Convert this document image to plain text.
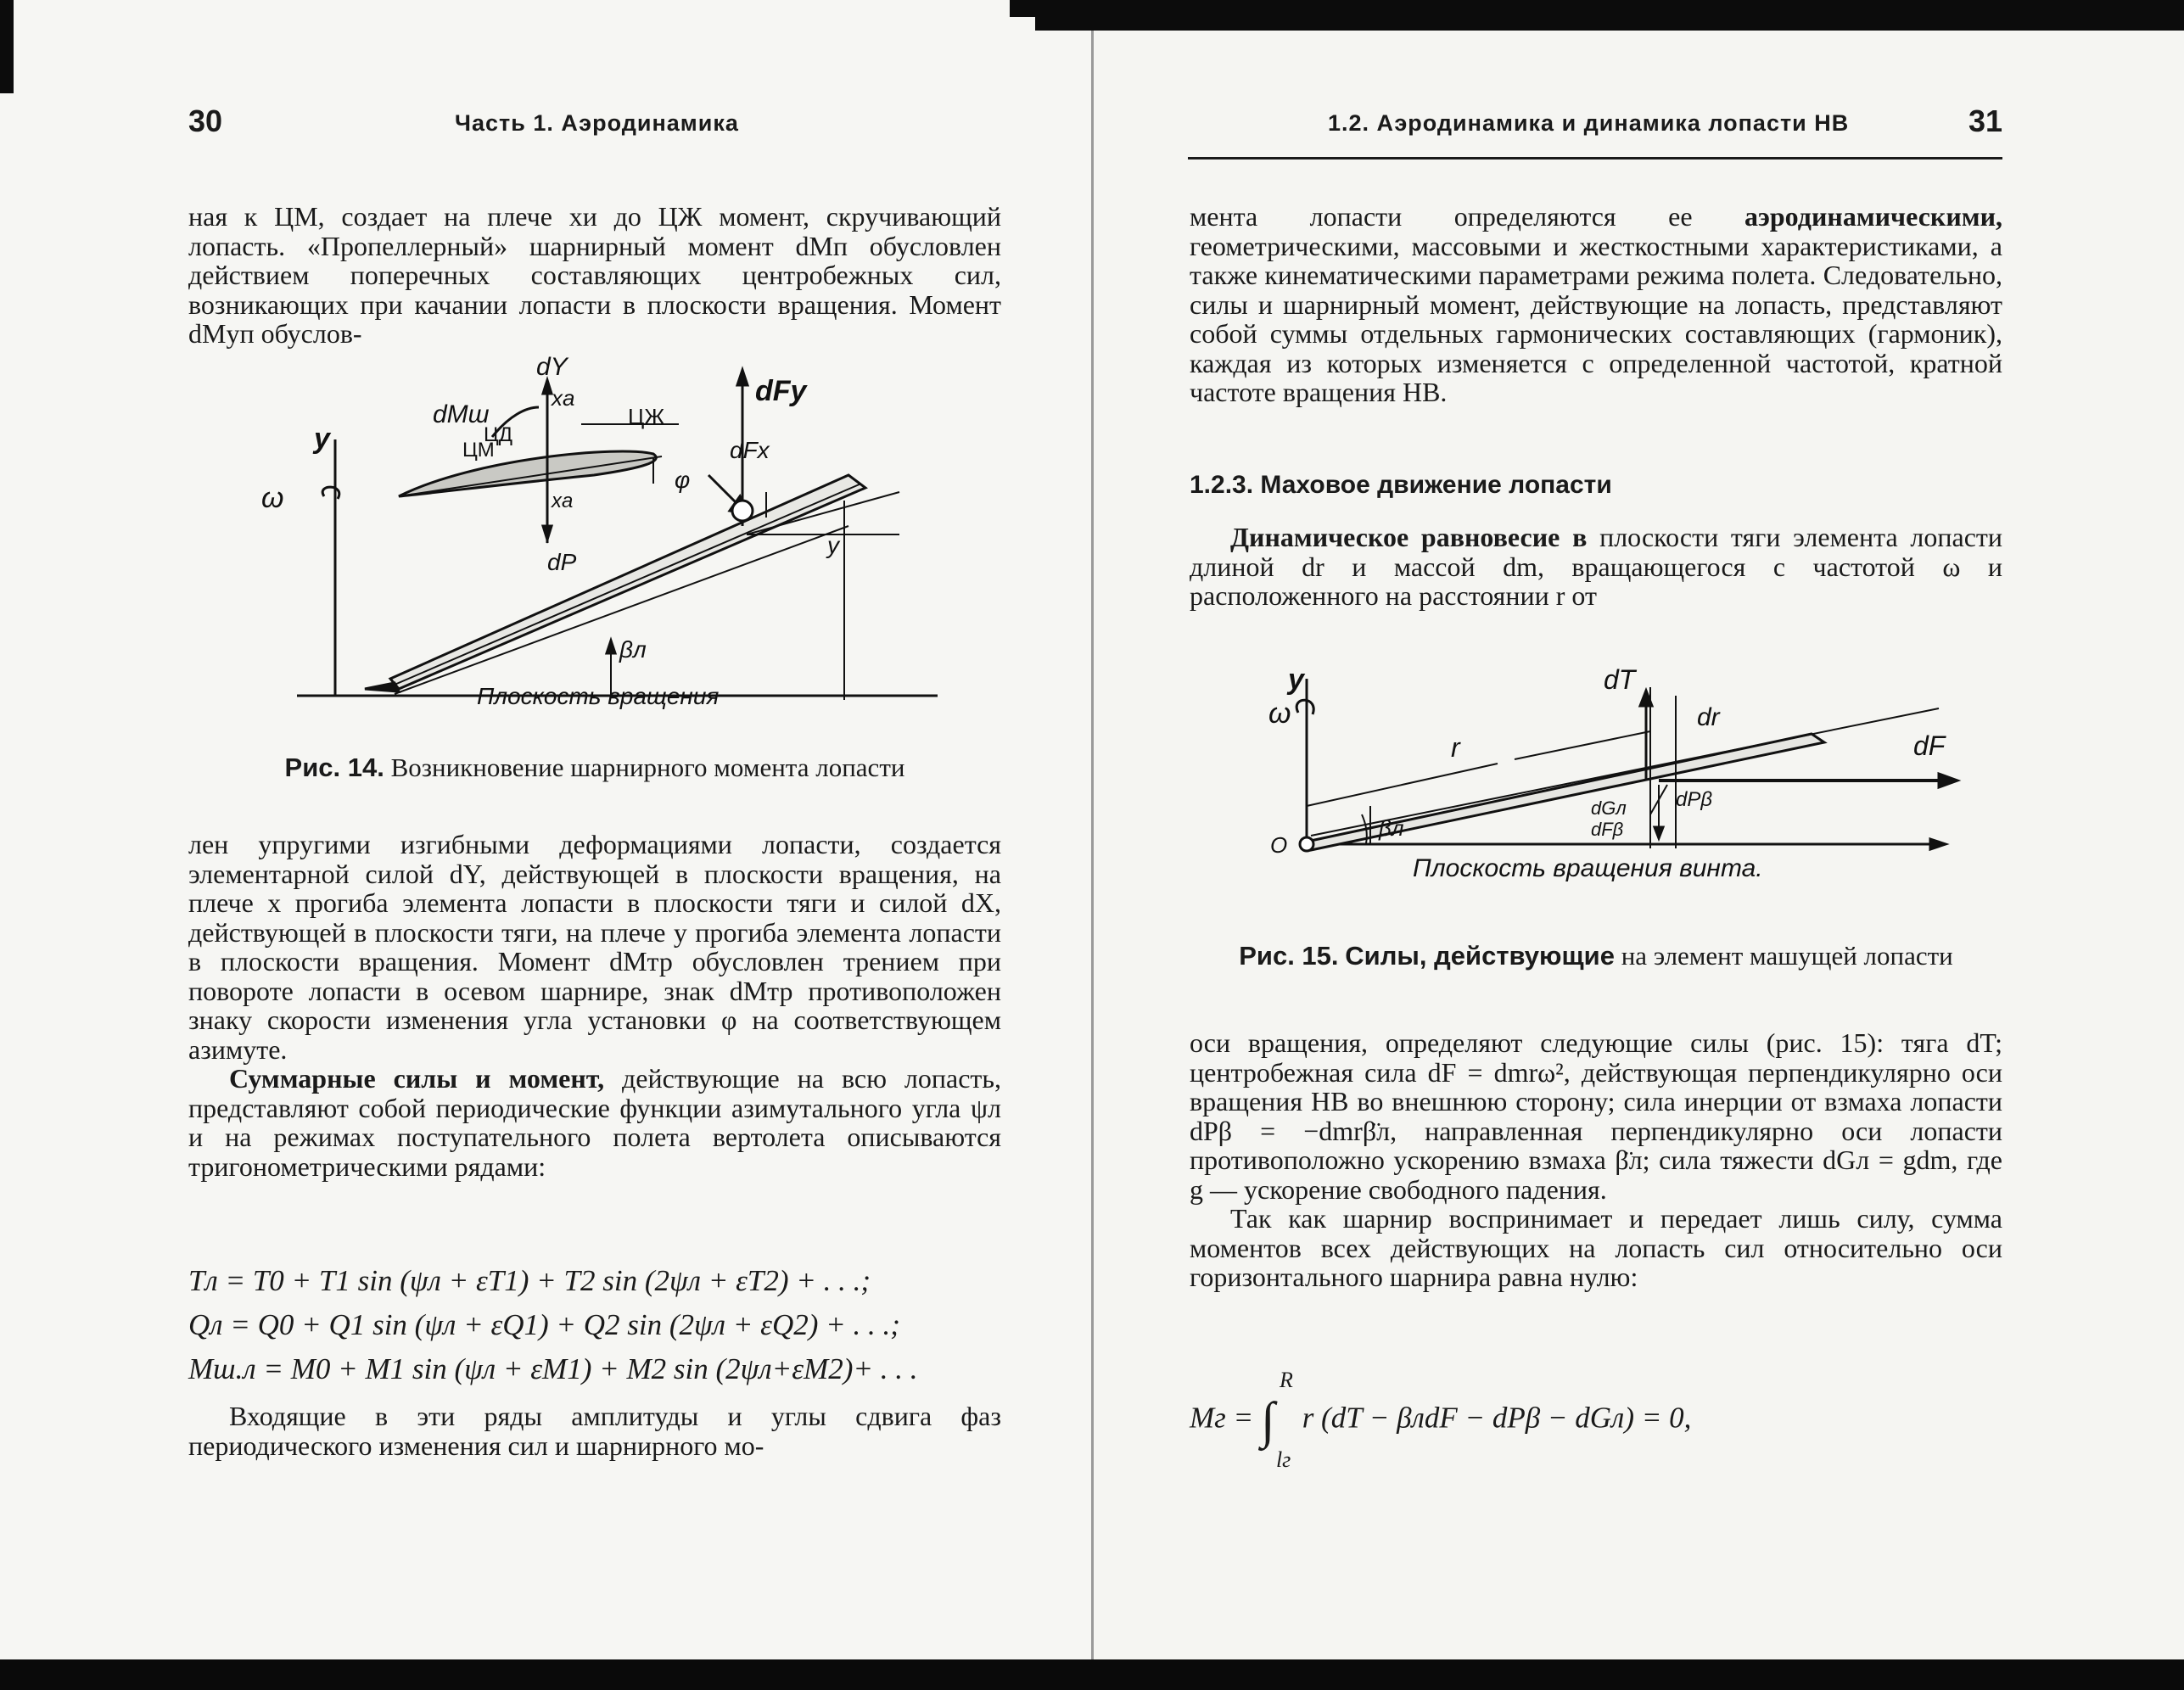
30	Часть 1. Аэродинамика

ная к ЦМ, создает на плече xи до ЦЖ момент, скручивающий лопасть. «Пропеллерный» шарнирный момент dMп обусловлен действием поперечных составляющих центробежных сил, возникающих при качании лопасти в плоскости вращения. Момент dMуп обуслов-

y
ω
dY
dMш
xa
ЦД
ЦЖ
ЦМ
dFy
φ
dFx
xa
dP
y
βл
Плоскость вращения
Рис. 14. Возникновение шарнирного момента лопасти

лен упругими изгибными деформациями лопасти, создается элементарной силой dY, действующей в плоскости вращения, на плече x прогиба элемента лопасти в плоскости тяги и силой dX, действующей в плоскости тяги, на плече y прогиба элемента лопасти в плоскости вращения. Момент dMтр обусловлен трением при повороте лопасти в осевом шарнире, знак dMтр противоположен знаку скорости изменения угла установки φ на соответствующем азимуте.

Суммарные силы и момент, действующие на всю лопасть, представляют собой периодические функции азимутального угла ψл и на режимах поступательного полета вертолета описываются тригонометрическими рядами:

Tл = T0 + T1 sin (ψл + εT1) + T2 sin (2ψл + εT2) + . . .;
Qл = Q0 + Q1 sin (ψл + εQ1) + Q2 sin (2ψл + εQ2) + . . .;
Mш.л = M0 + M1 sin (ψл + εM1) + M2 sin (2ψл+εM2)+ . . .

Входящие в эти ряды амплитуды и углы сдвига фаз периодического изменения сил и шарнирного мо-

1.2. Аэродинамика и динамика лопасти НВ	31

мента лопасти определяются ее аэродинамическими, геометрическими, массовыми и жесткостными характеристиками, а также кинематическими параметрами режима полета. Следовательно, силы и шарнирный момент, действующие на лопасть, представляют собой суммы отдельных гармонических составляющих (гармоник), каждая из которых изменяется с определенной частотой, кратной частоте вращения НВ.

1.2.3. Маховое движение лопасти

Динамическое равновесие в плоскости тяги элемента лопасти длиной dr и массой dm, вращающегося с частотой ω и расположенного на расстоянии r от

y
ω
dT
dr
dF
r
O
βл
dGл
dFβ
dPβ
Плоскость вращения винта.
Рис. 15. Силы, действующие на элемент машущей лопасти

оси вращения, определяют следующие силы (рис. 15): тяга dT; центробежная сила dF = dmrω², действующая перпендикулярно оси вращения НВ во внешнюю сторону; сила инерции от взмаха лопасти dPβ = −dmrβ̈л, направленная перпендикулярно оси лопасти противоположно ускорению взмаха β̈л; сила тяжести dGл = gdm, где g — ускорение свободного падения.

Так как шарнир воспринимает и передает лишь силу, сумма моментов всех действующих на лопасть сил относительно оси горизонтального шарнира равна нулю:

Mг = ∫
R
lг
r (dT − βлdF − dPβ − dGл) = 0,
